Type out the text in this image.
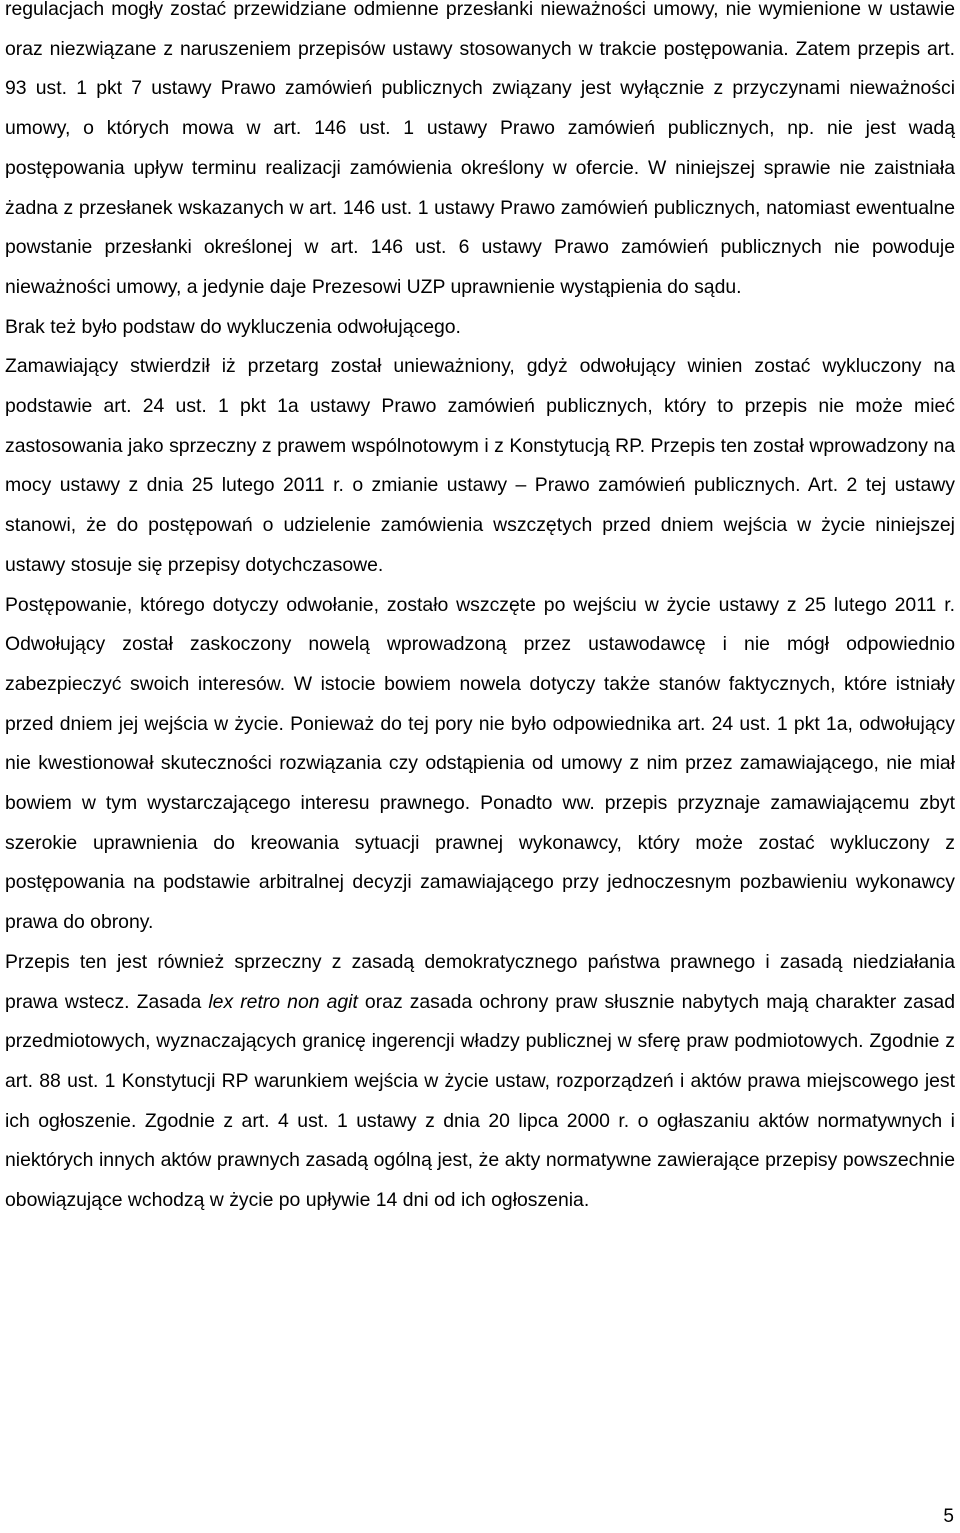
regulacjach mogły zostać przewidziane odmienne przesłanki nieważności umowy, nie wymienione w ustawie oraz niezwiązane z naruszeniem przepisów ustawy stosowanych w trakcie postępowania. Zatem przepis art. 93 ust. 1 pkt 7 ustawy Prawo zamówień publicznych związany jest wyłącznie z przyczynami nieważności umowy, o których mowa w art. 146 ust. 1 ustawy Prawo zamówień publicznych, np. nie jest wadą postępowania upływ terminu realizacji zamówienia określony w ofercie. W niniejszej sprawie nie zaistniała żadna z przesłanek wskazanych w art. 146 ust. 1 ustawy Prawo zamówień publicznych, natomiast ewentualne powstanie przesłanki określonej w art. 146 ust. 6 ustawy Prawo zamówień publicznych nie powoduje nieważności umowy, a jedynie daje Prezesowi UZP uprawnienie wystąpienia do sądu.

Brak też było podstaw do wykluczenia odwołującego.

Zamawiający stwierdził iż przetarg został unieważniony, gdyż odwołujący winien zostać wykluczony na podstawie art. 24 ust. 1 pkt 1a ustawy Prawo zamówień publicznych, który to przepis nie może mieć zastosowania jako sprzeczny z prawem wspólnotowym i z Konstytucją RP. Przepis ten został wprowadzony na mocy ustawy z dnia 25 lutego 2011 r. o zmianie ustawy – Prawo zamówień publicznych. Art. 2 tej ustawy stanowi, że do postępowań o udzielenie zamówienia wszczętych przed dniem wejścia w życie niniejszej ustawy stosuje się przepisy dotychczasowe.

Postępowanie, którego dotyczy odwołanie, zostało wszczęte po wejściu w życie ustawy z 25 lutego 2011 r. Odwołujący został zaskoczony nowelą wprowadzoną przez ustawodawcę i nie mógł odpowiednio zabezpieczyć swoich interesów. W istocie bowiem nowela dotyczy także stanów faktycznych, które istniały przed dniem jej wejścia w życie. Ponieważ do tej pory nie było odpowiednika art. 24 ust. 1 pkt 1a, odwołujący nie kwestionował skuteczności rozwiązania czy odstąpienia od umowy z nim przez zamawiającego, nie miał bowiem w tym wystarczającego interesu prawnego. Ponadto ww. przepis przyznaje zamawiającemu zbyt szerokie uprawnienia do kreowania sytuacji prawnej wykonawcy, który może zostać wykluczony z postępowania na podstawie arbitralnej decyzji zamawiającego przy jednoczesnym pozbawieniu wykonawcy prawa do obrony.

Przepis ten jest również sprzeczny z zasadą demokratycznego państwa prawnego i zasadą niedziałania prawa wstecz. Zasada lex retro non agit oraz zasada ochrony praw słusznie nabytych mają charakter zasad przedmiotowych, wyznaczających granicę ingerencji władzy publicznej w sferę praw podmiotowych. Zgodnie z art. 88 ust. 1 Konstytucji RP warunkiem wejścia w życie ustaw, rozporządzeń i aktów prawa miejscowego jest ich ogłoszenie. Zgodnie z art. 4 ust. 1 ustawy z dnia 20 lipca 2000 r. o ogłaszaniu aktów normatywnych i niektórych innych aktów prawnych zasadą ogólną jest, że akty normatywne zawierające przepisy powszechnie obowiązujące wchodzą w życie po upływie 14 dni od ich ogłoszenia.

5
